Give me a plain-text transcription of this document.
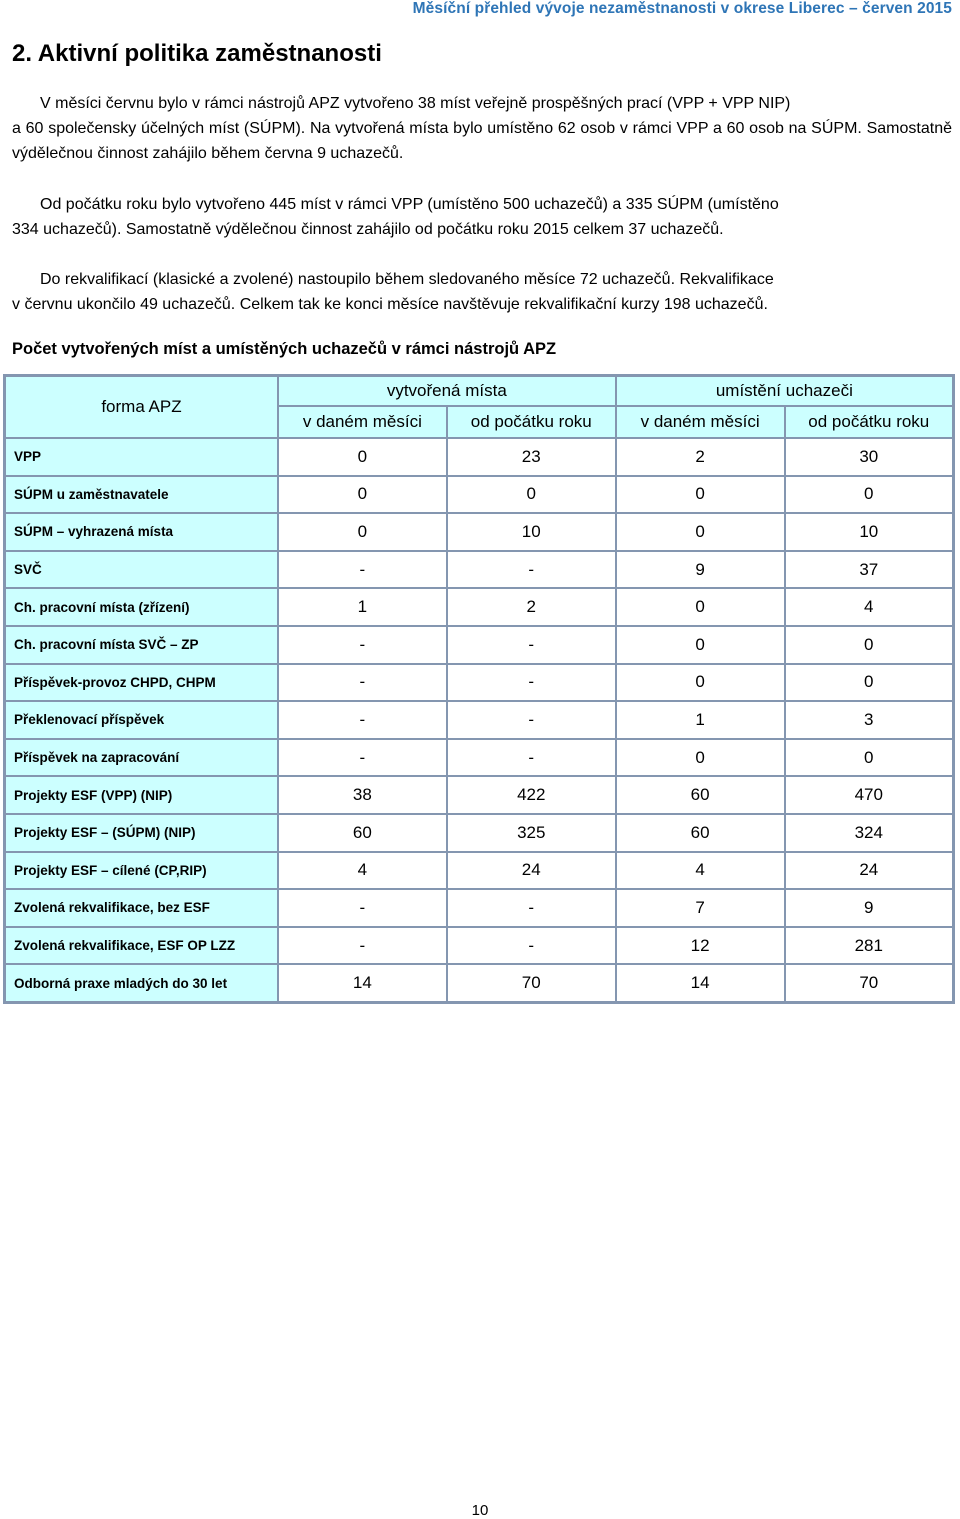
Měsíční přehled vývoje nezaměstnanosti v okrese Liberec – červen 2015
2. Aktivní politika zaměstnanosti
V měsíci červnu bylo v rámci nástrojů APZ vytvořeno 38 míst veřejně prospěšných prací (VPP + VPP NIP)
a 60 společensky účelných míst (SÚPM). Na vytvořená místa bylo umístěno 62 osob v rámci VPP a 60 osob na SÚPM. Samostatně výdělečnou činnost zahájilo během června 9 uchazečů.
Od počátku roku bylo vytvořeno 445 míst v rámci VPP (umístěno 500 uchazečů) a 335 SÚPM (umístěno
334 uchazečů). Samostatně výdělečnou činnost zahájilo od počátku roku 2015 celkem 37 uchazečů.
Do rekvalifikací (klasické a zvolené) nastoupilo během sledovaného měsíce 72 uchazečů. Rekvalifikace
v červnu ukončilo 49 uchazečů. Celkem tak ke konci měsíce navštěvuje rekvalifikační kurzy 198 uchazečů.
Počet vytvořených míst a umístěných uchazečů v rámci nástrojů APZ
forma APZ	vytvořená místa		umístění uchazeči	
	v daném měsíci	od počátku roku	v daném měsíci	od počátku roku
VPP	0	23	2	30
SÚPM u zaměstnavatele	0	0	0	0
SÚPM – vyhrazená místa	0	10	0	10
SVČ	-	-	9	37
Ch. pracovní místa (zřízení)	1	2	0	4
Ch. pracovní místa SVČ – ZP	-	-	0	0
Příspěvek-provoz CHPD, CHPM	-	-	0	0
Překlenovací příspěvek	-	-	1	3
Příspěvek na zapracování	-	-	0	0
Projekty ESF (VPP) (NIP)	38	422	60	470
Projekty ESF – (SÚPM) (NIP)	60	325	60	324
Projekty ESF – cílené (CP,RIP)	4	24	4	24
Zvolená rekvalifikace, bez ESF	-	-	7	9
Zvolená rekvalifikace, ESF OP LZZ	-	-	12	281
Odborná praxe mladých do 30 let	14	70	14	70
10
